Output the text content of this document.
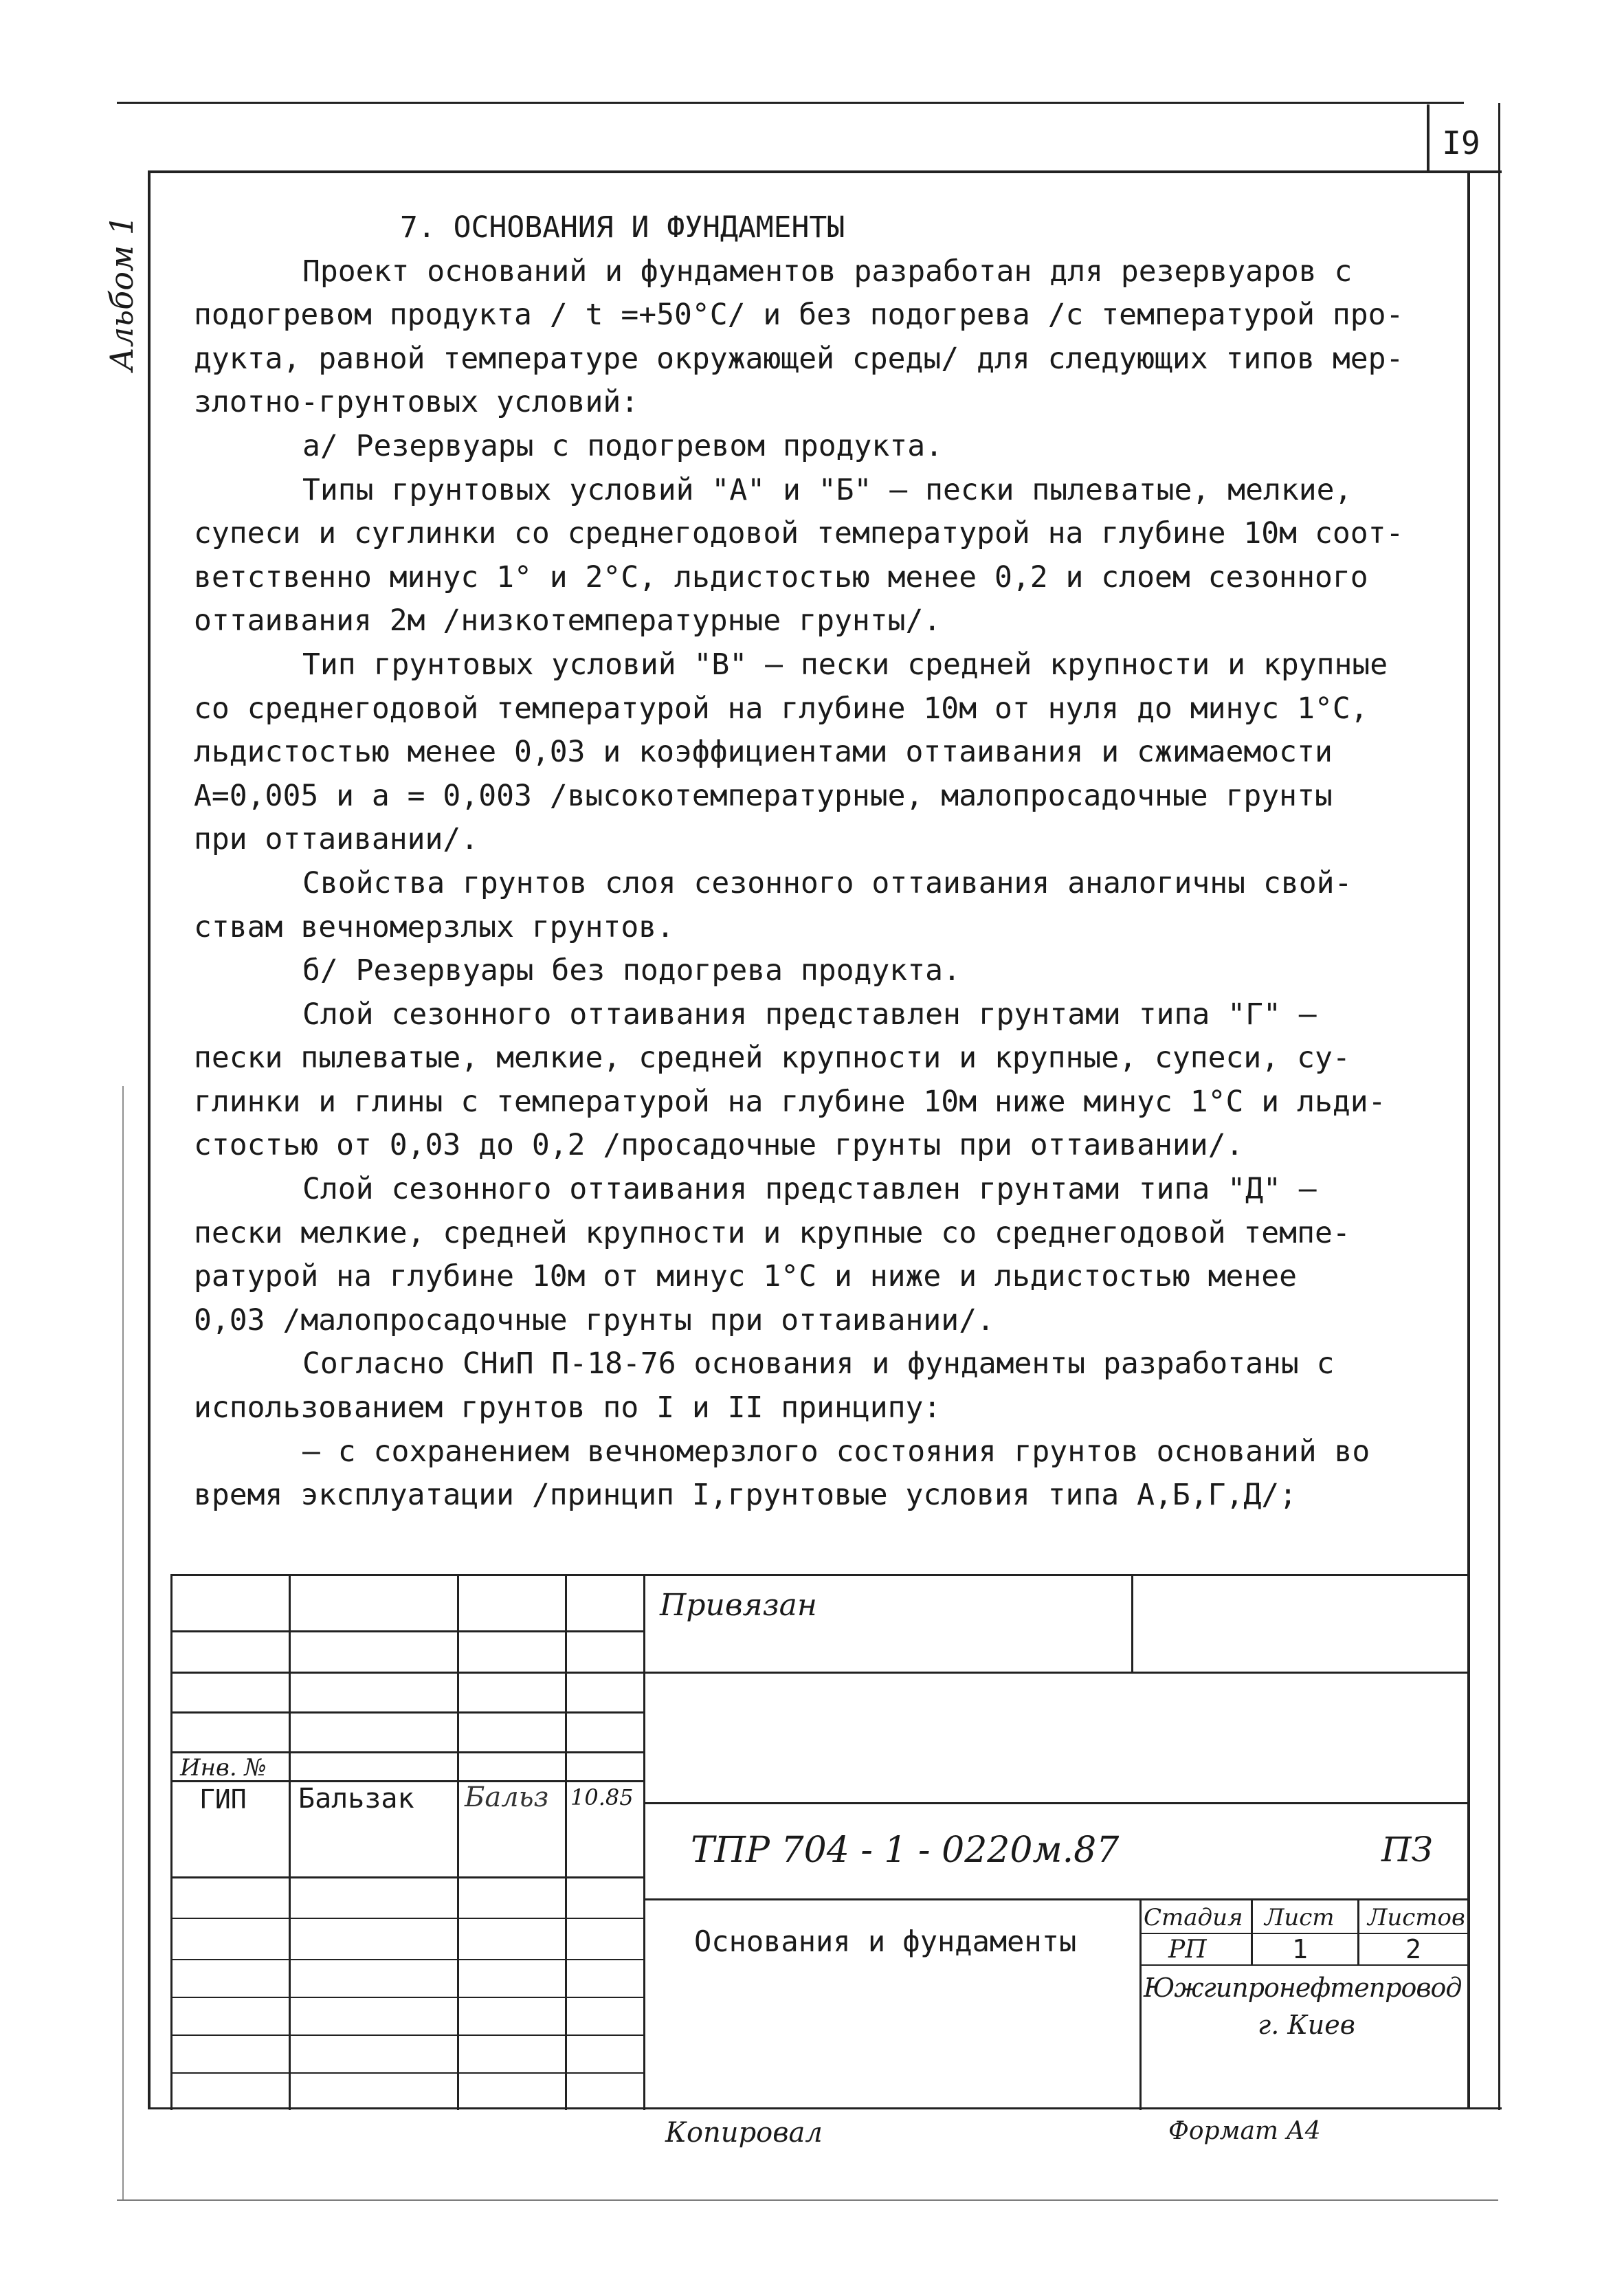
I9
Альбом 1	7. ОСНОВАНИЯ И ФУНДАМЕНТЫ
Проект оснований и фундаментов разработан для резервуаров с
подогревом продукта / t =+50°С/ и без подогрева /с температурой про-
дукта, равной температуре окружающей среды/ для следующих типов мер-
злотно-грунтовых условий:
а/ Резервуары с подогревом продукта.
Типы грунтовых условий "А" и "Б" – пески пылеватые, мелкие,
супеси и суглинки со среднегодовой температурой на глубине 10м соот-
ветственно минус 1° и 2°С, льдистостью менее 0,2 и слоем сезонного
оттаивания 2м /низкотемпературные грунты/.
Тип грунтовых условий "В" – пески средней крупности и крупные
со среднегодовой температурой на глубине 10м от нуля до минус 1°С,
льдистостью менее 0,03 и коэффициентами оттаивания и сжимаемости
А=0,005 и а = 0,003 /высокотемпературные, малопросадочные грунты
при оттаивании/.
Свойства грунтов слоя сезонного оттаивания аналогичны свой-
ствам вечномерзлых грунтов.
б/ Резервуары без подогрева продукта.
Слой сезонного оттаивания представлен грунтами типа "Г" –
пески пылеватые, мелкие, средней крупности и крупные, супеси, су-
глинки и глины с температурой на глубине 10м ниже минус 1°С и льди-
стостью от 0,03 до 0,2 /просадочные грунты при оттаивании/.
Слой сезонного оттаивания представлен грунтами типа "Д" –
пески мелкие, средней крупности и крупные со среднегодовой темпе-
ратурой на глубине 10м от минус 1°С и ниже и льдистостью менее
0,03 /малопросадочные грунты при оттаивании/.
Согласно СНиП П-18-76 основания и фундаменты разработаны с
использованием грунтов по I и II принципу:
– с сохранением вечномерзлого состояния грунтов оснований во
время эксплуатации /принцип I,грунтовые условия типа А,Б,Г,Д/;
Привязан
Инв. №
ГИП Бальзак Бальз 10.85
ТПР 704 - 1 - 0220м.87	ПЗ
Основания и фундаменты
Стадия Лист Листов
РП	1	2
Южгипронефтепровод
г. Киев
Копировал	Формат А4
